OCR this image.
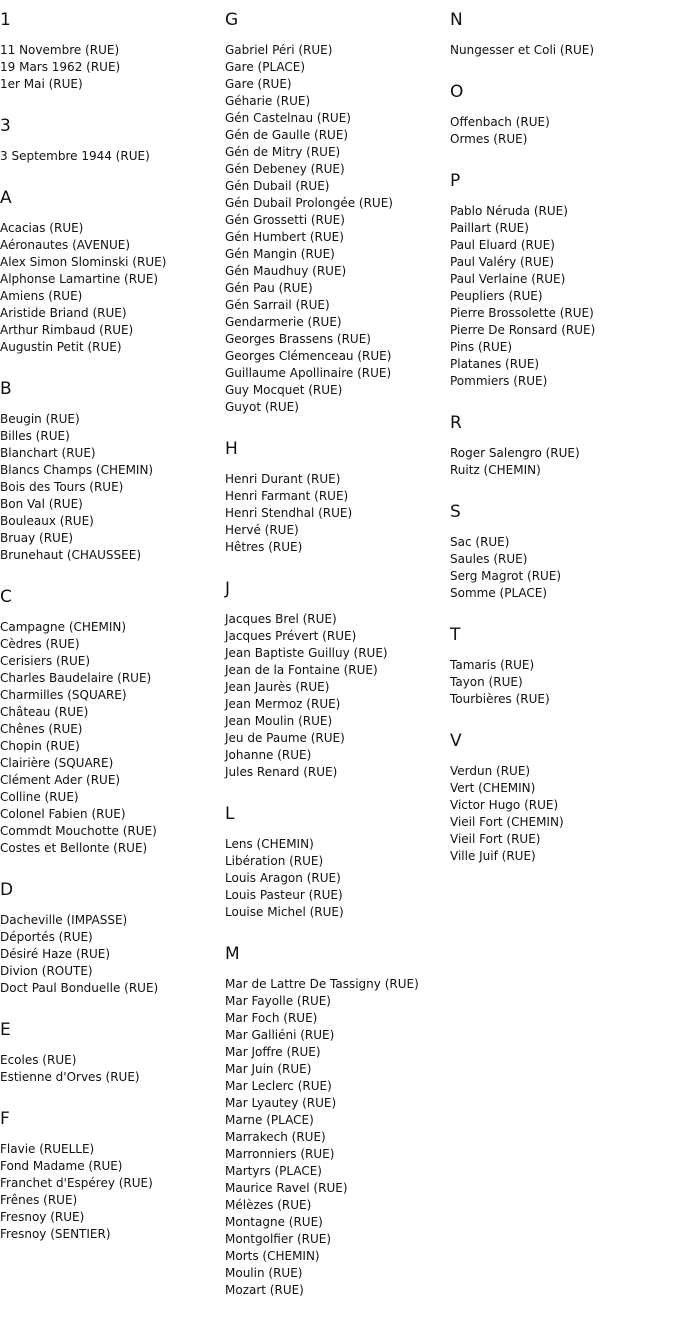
1
11 Novembre (RUE)
19 Mars 1962 (RUE)
1er Mai (RUE)
3
3 Septembre 1944 (RUE)
A
Acacias (RUE)
Aéronautes (AVENUE)
Alex Simon Slominski (RUE)
Alphonse Lamartine (RUE)
Amiens (RUE)
Aristide Briand (RUE)
Arthur Rimbaud (RUE)
Augustin Petit (RUE)
B
Beugin (RUE)
Billes (RUE)
Blanchart (RUE)
Blancs Champs (CHEMIN)
Bois des Tours (RUE)
Bon Val (RUE)
Bouleaux (RUE)
Bruay (RUE)
Brunehaut (CHAUSSEE)
C
Campagne (CHEMIN)
Cèdres (RUE)
Cerisiers (RUE)
Charles Baudelaire (RUE)
Charmilles (SQUARE)
Château (RUE)
Chênes (RUE)
Chopin (RUE)
Clairière (SQUARE)
Clément Ader (RUE)
Colline (RUE)
Colonel Fabien (RUE)
Commdt Mouchotte (RUE)
Costes et Bellonte (RUE)
D
Dacheville (IMPASSE)
Déportés (RUE)
Désiré Haze (RUE)
Divion (ROUTE)
Doct Paul Bonduelle (RUE)
E
Ecoles (RUE)
Estienne d'Orves (RUE)
F
Flavie (RUELLE)
Fond Madame (RUE)
Franchet d'Espérey (RUE)
Frênes (RUE)
Fresnoy (RUE)
Fresnoy (SENTIER)
G
Gabriel Péri (RUE)
Gare (PLACE)
Gare (RUE)
Géharie (RUE)
Gén Castelnau (RUE)
Gén de Gaulle (RUE)
Gén de Mitry (RUE)
Gén Debeney (RUE)
Gén Dubail (RUE)
Gén Dubail Prolongée (RUE)
Gén Grossetti (RUE)
Gén Humbert (RUE)
Gén Mangin (RUE)
Gén Maudhuy (RUE)
Gén Pau (RUE)
Gén Sarrail (RUE)
Gendarmerie (RUE)
Georges Brassens (RUE)
Georges Clémenceau (RUE)
Guillaume Apollinaire (RUE)
Guy Mocquet (RUE)
Guyot (RUE)
H
Henri Durant (RUE)
Henri Farmant (RUE)
Henri Stendhal (RUE)
Hervé (RUE)
Hêtres (RUE)
J
Jacques Brel (RUE)
Jacques Prévert (RUE)
Jean Baptiste Guilluy (RUE)
Jean de la Fontaine (RUE)
Jean Jaurès (RUE)
Jean Mermoz (RUE)
Jean Moulin (RUE)
Jeu de Paume (RUE)
Johanne (RUE)
Jules Renard (RUE)
L
Lens (CHEMIN)
Libération (RUE)
Louis Aragon (RUE)
Louis Pasteur (RUE)
Louise Michel (RUE)
M
Mar de Lattre De Tassigny (RUE)
Mar Fayolle (RUE)
Mar Foch (RUE)
Mar Galliéni (RUE)
Mar Joffre (RUE)
Mar Juin (RUE)
Mar Leclerc (RUE)
Mar Lyautey (RUE)
Marne (PLACE)
Marrakech (RUE)
Marronniers (RUE)
Martyrs (PLACE)
Maurice Ravel (RUE)
Mélèzes (RUE)
Montagne (RUE)
Montgolfier (RUE)
Morts (CHEMIN)
Moulin (RUE)
Mozart (RUE)
N
Nungesser et Coli (RUE)
O
Offenbach (RUE)
Ormes (RUE)
P
Pablo Néruda (RUE)
Paillart (RUE)
Paul Eluard (RUE)
Paul Valéry (RUE)
Paul Verlaine (RUE)
Peupliers (RUE)
Pierre Brossolette (RUE)
Pierre De Ronsard (RUE)
Pins (RUE)
Platanes (RUE)
Pommiers (RUE)
R
Roger Salengro (RUE)
Ruitz (CHEMIN)
S
Sac (RUE)
Saules (RUE)
Serg Magrot (RUE)
Somme (PLACE)
T
Tamaris (RUE)
Tayon (RUE)
Tourbières (RUE)
V
Verdun (RUE)
Vert (CHEMIN)
Victor Hugo (RUE)
Vieil Fort (CHEMIN)
Vieil Fort (RUE)
Ville Juif (RUE)
